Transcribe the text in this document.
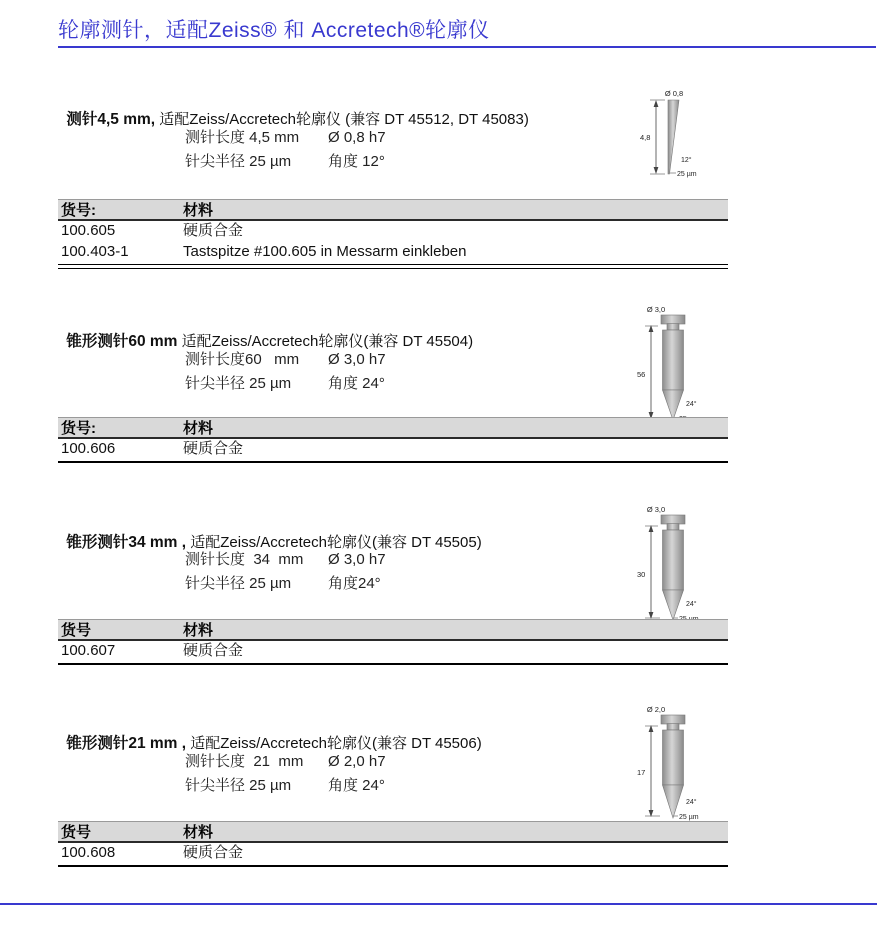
轮廓测针，适配Zeiss® 和 Accretech®轮廓仪

测针4,5 mm, 适配Zeiss/Accretech轮廓仪 (兼容 DT 45512, DT 45083)

测针长度 4,5 mm	Ø 0,8 h7
针尖半径 25 µm	角度 12°
Ø 0,8
4,8
12°
25 µm
货号:	材料
100.605	硬质合金
100.403-1	Tastspitze #100.605 in Messarm einkleben

锥形测针60 mm 适配Zeiss/Accretech轮廓仪(兼容 DT 45504)

测针长度60   mm	Ø 3,0 h7
针尖半径 25 µm	角度 24°
Ø 3,0
56
24°
货号:	材料
100.606	硬质合金

锥形测针34 mm , 适配Zeiss/Accretech轮廓仪(兼容 DT 45505)

测针长度  34  mm	Ø 3,0 h7
针尖半径 25 µm	角度24°
Ø 3,0
30
24°
货号	材料
100.607	硬质合金

锥形测针21 mm , 适配Zeiss/Accretech轮廓仪(兼容 DT 45506)

测针长度  21  mm	Ø 2,0 h7
针尖半径 25 µm	角度 24°
Ø 2,0
17
24°
25 µm
货号	材料
100.608	硬质合金
